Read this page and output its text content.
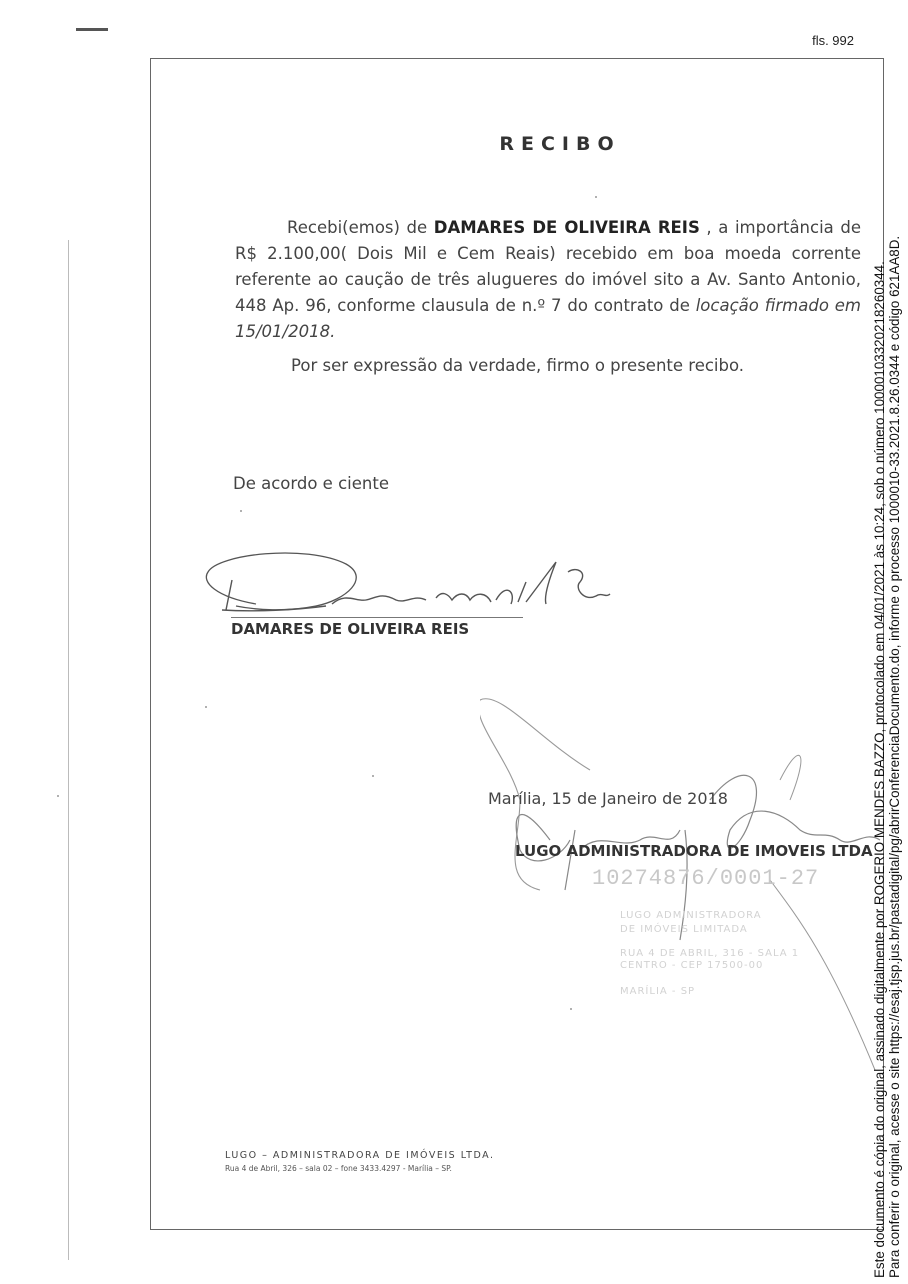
fls. 992
RECIBO
Recebi(emos) de DAMARES DE OLIVEIRA REIS , a importância de R$ 2.100,00( Dois Mil e Cem Reais) recebido em boa moeda corrente referente ao caução de três alugueres do imóvel sito a Av. Santo Antonio, 448 Ap. 96, conforme clausula de n.º 7 do contrato de locação firmado em 15/01/2018.
Por ser expressão da verdade, firmo o presente recibo.
De acordo e ciente
DAMARES DE OLIVEIRA REIS
Marília, 15 de Janeiro de 2018
LUGO ADMINISTRADORA DE IMOVEIS LTDA
10274876/0001-27
LUGO ADMINISTRADORA
DE IMÓVEIS LIMITADA
RUA 4 DE ABRIL, 316 - SALA 1
CENTRO - CEP 17500-00
MARÍLIA - SP
LUGO – ADMINISTRADORA DE IMÓVEIS LTDA.
Rua 4 de Abril, 326 – sala 02 – fone 3433.4297 - Marília – SP.	Este documento é cópia do original, assinado digitalmente por ROGERIO MENDES BAZZO, protocolado em 04/01/2021 às 10:24, sob o número 10000103320218260344. Para conferir o original, acesse o site https://esaj.tjsp.jus.br/pastadigital/pg/abrirConferenciaDocumento.do, informe o processo 1000010-33.2021.8.26.0344 e código 621AA8D.
